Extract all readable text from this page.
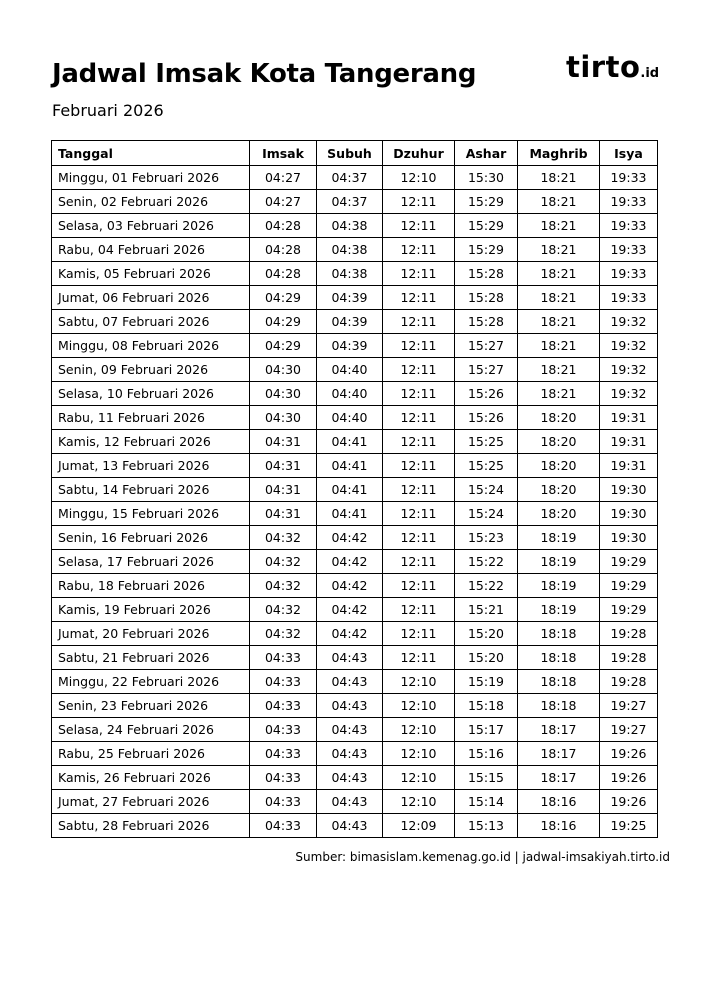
Jadwal Imsak Kota Tangerang
Februari 2026
tirto.id
Tanggal	Imsak	Subuh	Dzuhur	Ashar	Maghrib	Isya
Minggu, 01 Februari 2026	04:27	04:37	12:10	15:30	18:21	19:33
Senin, 02 Februari 2026	04:27	04:37	12:11	15:29	18:21	19:33
Selasa, 03 Februari 2026	04:28	04:38	12:11	15:29	18:21	19:33
Rabu, 04 Februari 2026	04:28	04:38	12:11	15:29	18:21	19:33
Kamis, 05 Februari 2026	04:28	04:38	12:11	15:28	18:21	19:33
Jumat, 06 Februari 2026	04:29	04:39	12:11	15:28	18:21	19:33
Sabtu, 07 Februari 2026	04:29	04:39	12:11	15:28	18:21	19:32
Minggu, 08 Februari 2026	04:29	04:39	12:11	15:27	18:21	19:32
Senin, 09 Februari 2026	04:30	04:40	12:11	15:27	18:21	19:32
Selasa, 10 Februari 2026	04:30	04:40	12:11	15:26	18:21	19:32
Rabu, 11 Februari 2026	04:30	04:40	12:11	15:26	18:20	19:31
Kamis, 12 Februari 2026	04:31	04:41	12:11	15:25	18:20	19:31
Jumat, 13 Februari 2026	04:31	04:41	12:11	15:25	18:20	19:31
Sabtu, 14 Februari 2026	04:31	04:41	12:11	15:24	18:20	19:30
Minggu, 15 Februari 2026	04:31	04:41	12:11	15:24	18:20	19:30
Senin, 16 Februari 2026	04:32	04:42	12:11	15:23	18:19	19:30
Selasa, 17 Februari 2026	04:32	04:42	12:11	15:22	18:19	19:29
Rabu, 18 Februari 2026	04:32	04:42	12:11	15:22	18:19	19:29
Kamis, 19 Februari 2026	04:32	04:42	12:11	15:21	18:19	19:29
Jumat, 20 Februari 2026	04:32	04:42	12:11	15:20	18:18	19:28
Sabtu, 21 Februari 2026	04:33	04:43	12:11	15:20	18:18	19:28
Minggu, 22 Februari 2026	04:33	04:43	12:10	15:19	18:18	19:28
Senin, 23 Februari 2026	04:33	04:43	12:10	15:18	18:18	19:27
Selasa, 24 Februari 2026	04:33	04:43	12:10	15:17	18:17	19:27
Rabu, 25 Februari 2026	04:33	04:43	12:10	15:16	18:17	19:26
Kamis, 26 Februari 2026	04:33	04:43	12:10	15:15	18:17	19:26
Jumat, 27 Februari 2026	04:33	04:43	12:10	15:14	18:16	19:26
Sabtu, 28 Februari 2026	04:33	04:43	12:09	15:13	18:16	19:25
Sumber: bimasislam.kemenag.go.id | jadwal-imsakiyah.tirto.id
